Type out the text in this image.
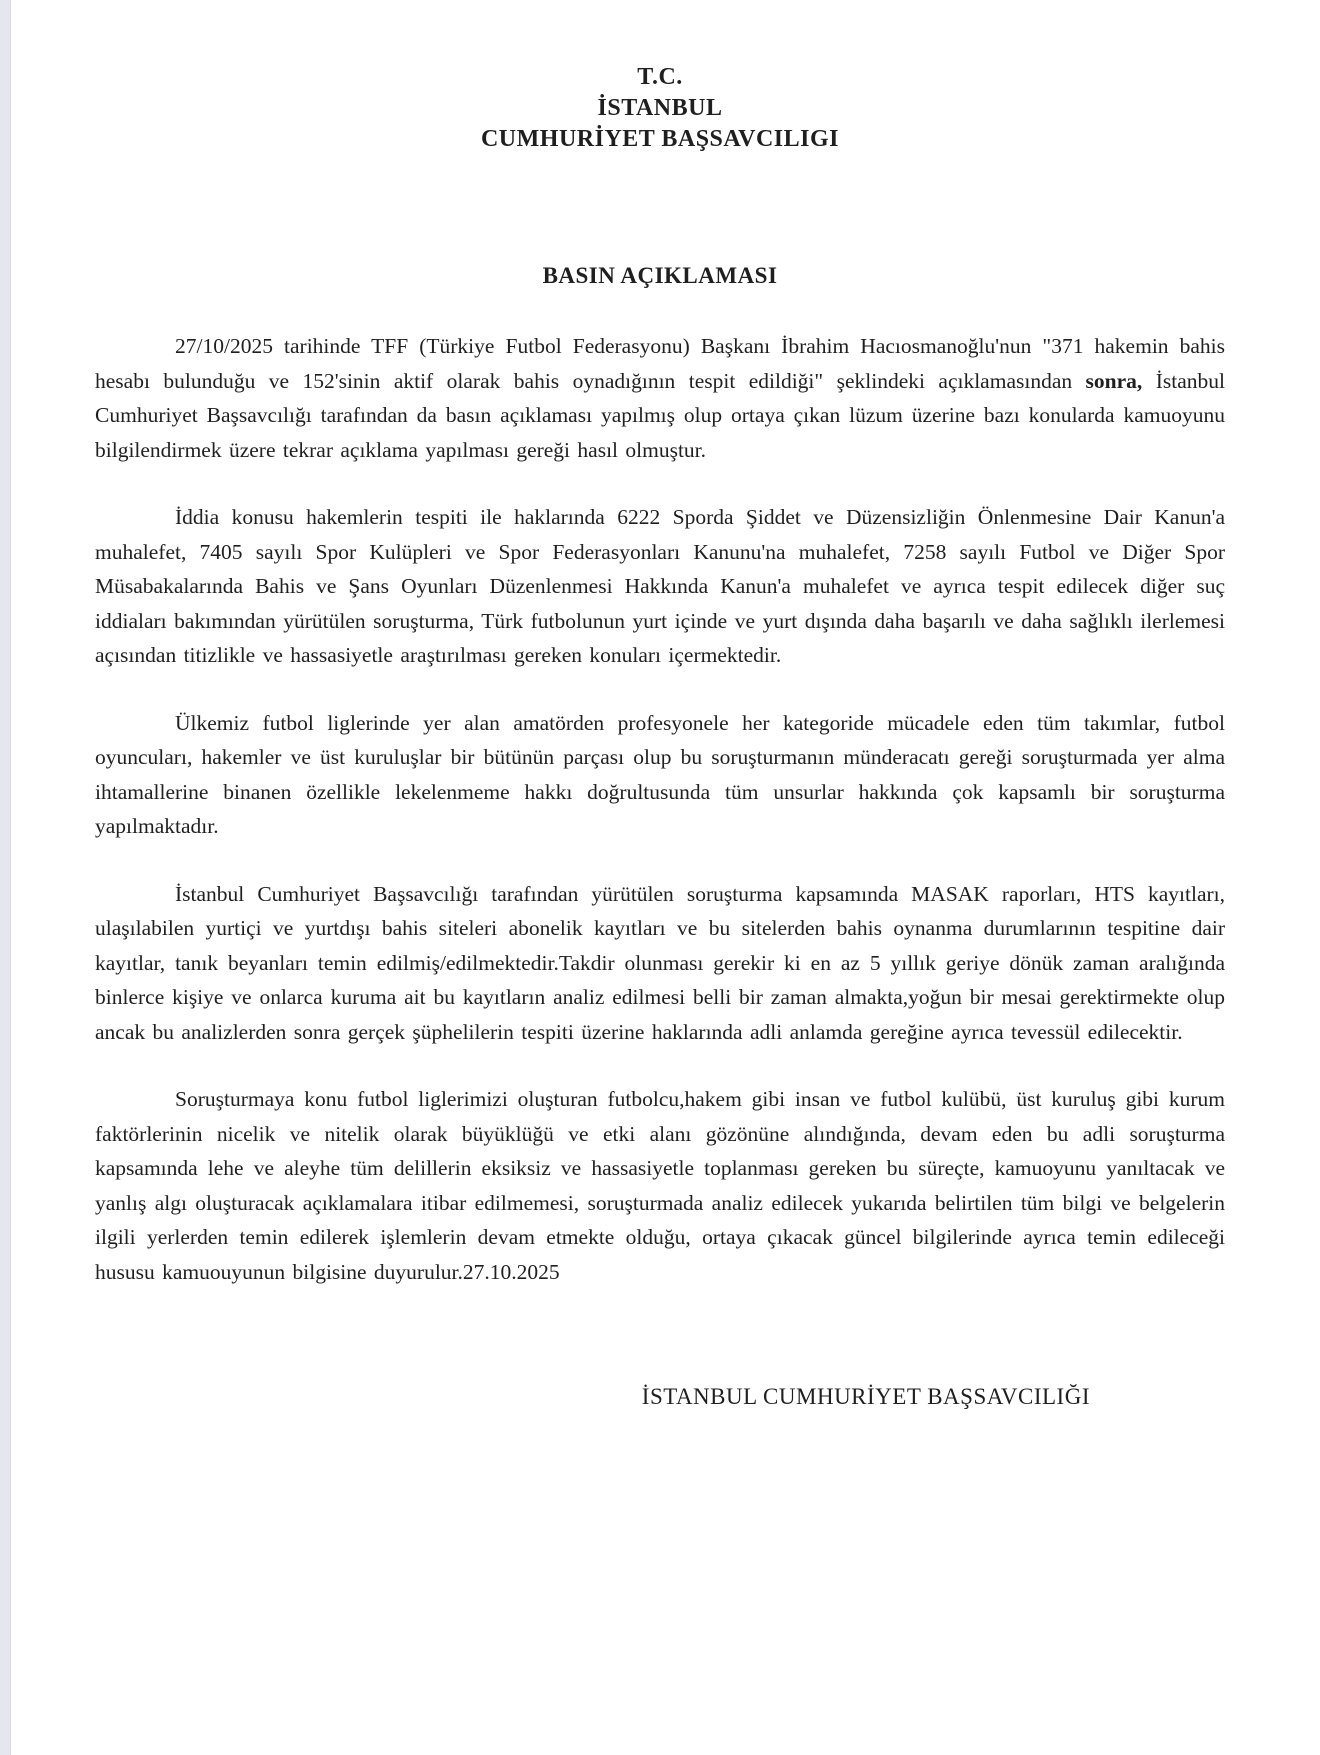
T.C.
İSTANBUL
CUMHURİYET BAŞSAVCILIGI
BASIN AÇIKLAMASI

27/10/2025 tarihinde TFF (Türkiye Futbol Federasyonu) Başkanı İbrahim Hacıosmanoğlu'nun "371 hakemin bahis hesabı bulunduğu ve 152'sinin aktif olarak bahis oynadığının tespit edildiği" şeklindeki açıklamasından sonra, İstanbul Cumhuriyet Başsavcılığı tarafından da basın açıklaması yapılmış olup ortaya çıkan lüzum üzerine bazı konularda kamuoyunu bilgilendirmek üzere tekrar açıklama yapılması gereği hasıl olmuştur.

İddia konusu hakemlerin tespiti ile haklarında 6222 Sporda Şiddet ve Düzensizliğin Önlenmesine Dair Kanun'a muhalefet, 7405 sayılı Spor Kulüpleri ve Spor Federasyonları Kanunu'na muhalefet, 7258 sayılı Futbol ve Diğer Spor Müsabakalarında Bahis ve Şans Oyunları Düzenlenmesi Hakkında Kanun'a muhalefet ve ayrıca tespit edilecek diğer suç iddiaları bakımından yürütülen soruşturma, Türk futbolunun yurt içinde ve yurt dışında daha başarılı ve daha sağlıklı ilerlemesi açısından titizlikle ve hassasiyetle araştırılması gereken konuları içermektedir.

Ülkemiz futbol liglerinde yer alan amatörden profesyonele her kategoride mücadele eden tüm takımlar, futbol oyuncuları, hakemler ve üst kuruluşlar bir bütünün parçası olup bu soruşturmanın münderacatı gereği soruşturmada yer alma ihtamallerine binanen özellikle lekelenmeme hakkı doğrultusunda tüm unsurlar hakkında çok kapsamlı bir soruşturma yapılmaktadır.

İstanbul Cumhuriyet Başsavcılığı tarafından yürütülen soruşturma kapsamında MASAK raporları, HTS kayıtları, ulaşılabilen yurtiçi ve yurtdışı bahis siteleri abonelik kayıtları ve bu sitelerden bahis oynanma durumlarının tespitine dair kayıtlar, tanık beyanları temin edilmiş/edilmektedir.Takdir olunması gerekir ki en az 5 yıllık geriye dönük zaman aralığında binlerce kişiye ve onlarca kuruma ait bu kayıtların analiz edilmesi belli bir zaman almakta,yoğun bir mesai gerektirmekte olup ancak bu analizlerden sonra gerçek şüphelilerin tespiti üzerine haklarında adli anlamda gereğine ayrıca tevessül edilecektir.

Soruşturmaya konu futbol liglerimizi oluşturan futbolcu,hakem gibi insan ve futbol kulübü, üst kuruluş gibi kurum faktörlerinin nicelik ve nitelik olarak büyüklüğü ve etki alanı gözönüne alındığında, devam eden bu adli soruşturma kapsamında lehe ve aleyhe tüm delillerin eksiksiz ve hassasiyetle toplanması gereken bu süreçte, kamuoyunu yanıltacak ve yanlış algı oluşturacak açıklamalara itibar edilmemesi, soruşturmada analiz edilecek yukarıda belirtilen tüm bilgi ve belgelerin ilgili yerlerden temin edilerek işlemlerin devam etmekte olduğu, ortaya çıkacak güncel bilgilerinde ayrıca temin edileceği hususu kamuouyunun bilgisine duyurulur.27.10.2025

İSTANBUL CUMHURİYET BAŞSAVCILIĞI
